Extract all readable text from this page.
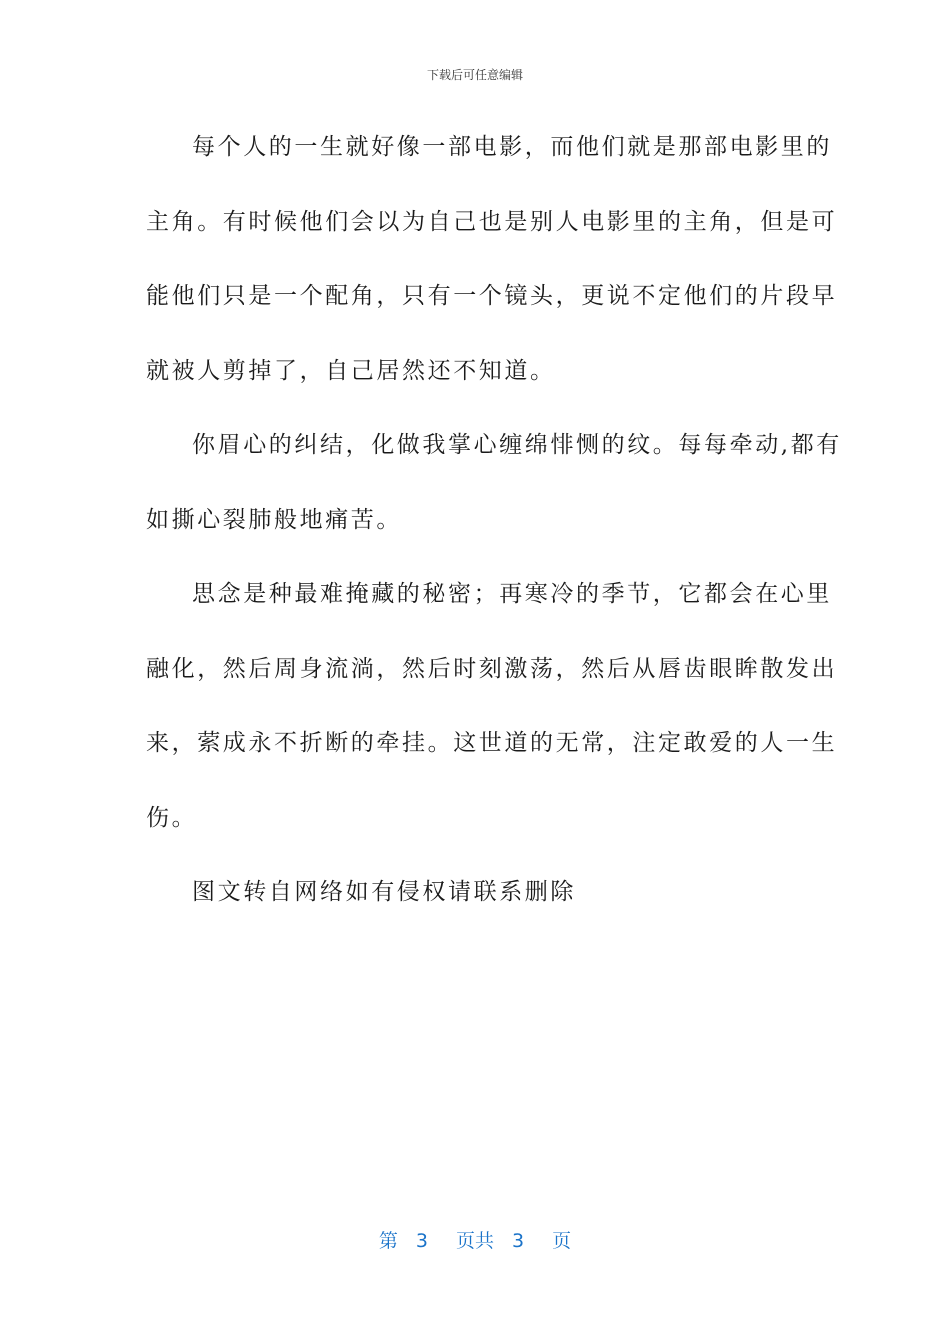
下载后可任意编辑

每个人的一生就好像一部电影，而他们就是那部电影里的
主角。有时候他们会以为自己也是别人电影里的主角，但是可
能他们只是一个配角，只有一个镜头，更说不定他们的片段早
就被人剪掉了，自己居然还不知道。

你眉心的纠结，化做我掌心缠绵悱恻的纹。每每牵动,都有
如撕心裂肺般地痛苦。

思念是种最难掩藏的秘密；再寒冷的季节，它都会在心里
融化，然后周身流淌，然后时刻激荡，然后从唇齿眼眸散发出
来，萦成永不折断的牵挂。这世道的无常，注定敢爱的人一生
伤。

图文转自网络如有侵权请联系删除

第 3 页共 3 页
